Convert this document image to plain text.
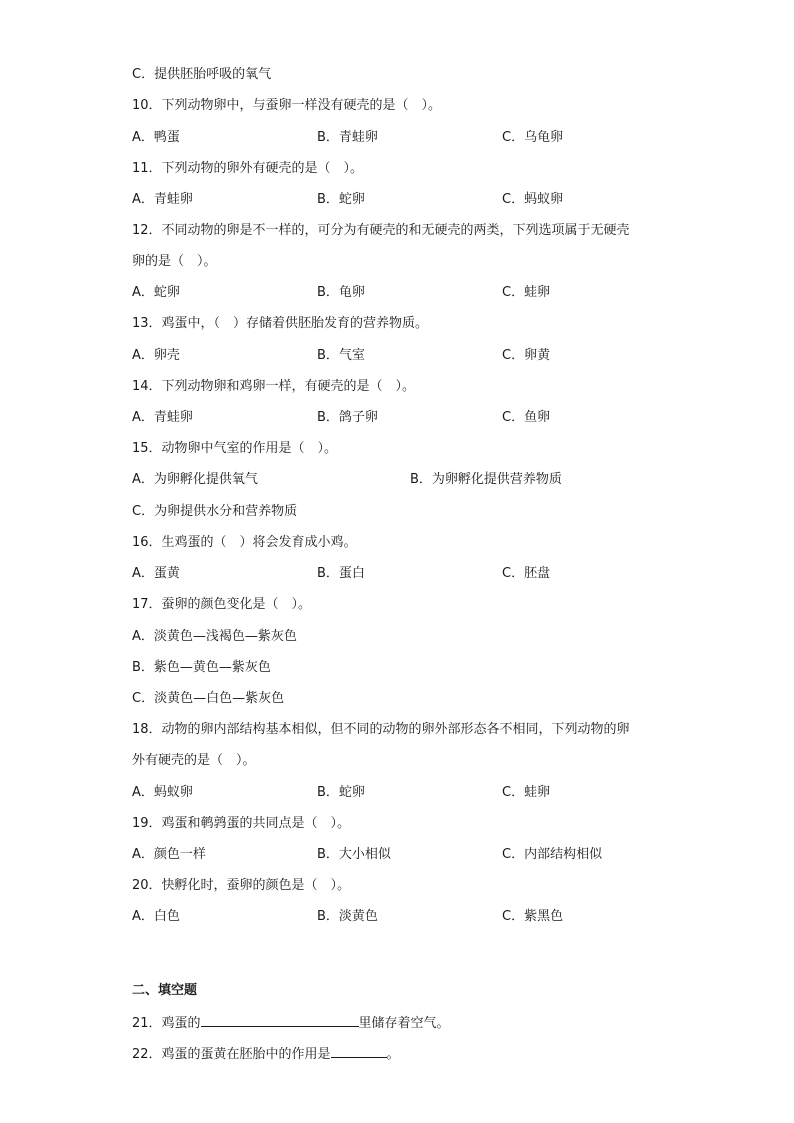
C．提供胚胎呼吸的氧气
10．下列动物卵中，与蚕卵一样没有硬壳的是（　）。
A．鸭蛋	B．青蛙卵	C．乌龟卵
11．下列动物的卵外有硬壳的是（　）。
A．青蛙卵	B．蛇卵	C．蚂蚁卵
12．不同动物的卵是不一样的，可分为有硬壳的和无硬壳的两类，下列选项属于无硬壳
卵的是（　）。
A．蛇卵	B．龟卵	C．蛙卵
13．鸡蛋中，（　）存储着供胚胎发育的营养物质。
A．卵壳	B．气室	C．卵黄
14．下列动物卵和鸡卵一样，有硬壳的是（　）。
A．青蛙卵	B．鸽子卵	C．鱼卵
15．动物卵中气室的作用是（　）。
A．为卵孵化提供氧气	B．为卵孵化提供营养物质
C．为卵提供水分和营养物质
16．生鸡蛋的（　）将会发育成小鸡。
A．蛋黄	B．蛋白	C．胚盘
17．蚕卵的颜色变化是（　）。
A．淡黄色—浅褐色—紫灰色
B．紫色—黄色—紫灰色
C．淡黄色—白色—紫灰色
18．动物的卵内部结构基本相似，但不同的动物的卵外部形态各不相同，下列动物的卵
外有硬壳的是（　）。
A．蚂蚁卵	B．蛇卵	C．蛙卵
19．鸡蛋和鹌鹑蛋的共同点是（　）。
A．颜色一样	B．大小相似	C．内部结构相似
20．快孵化时，蚕卵的颜色是（　）。
A．白色	B．淡黄色	C．紫黑色
二、填空题
21．鸡蛋的	里储存着空气。
22．鸡蛋的蛋黄在胚胎中的作用是	。
